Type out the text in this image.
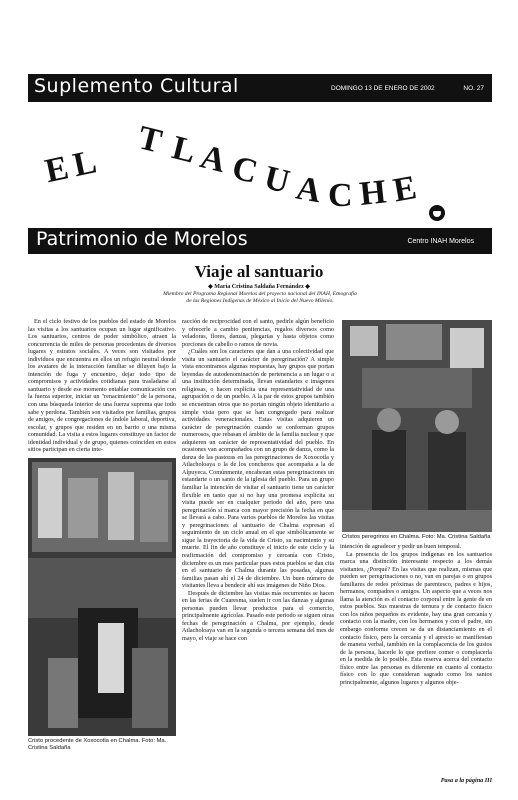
Suplemento Cultural	DOMINGO 13 DE ENERO DE 2002	NO. 27
E
L
T L
A
C U A C H E
Patrimonio de Morelos	Centro INAH Morelos
Viaje al santuario
◆ María Cristina Saldaña Fernández ◆
Miembro del Programa Regional Morelos del proyecto nacional del INAH, Etnografía de las Regiones Indígenas de México al Inicio del Nuevo Milenio.

En el ciclo festivo de los pueblos del estado de Morelos las visitas a los santuarios ocupan un lugar significativo. Los santuarios, centros de poder simbólico, atraen la concurrencia de miles de personas procedentes de diversos lugares y estratos sociales. A veces son visitados por individuos que encuentra en ellos un refugio neutral donde los avatares de la interacción familiar se diluyen bajo la intención de fuga y encuentro, dejar todo tipo de compromisos y actividades cotidianas para trasladarse al santuario y desde ese momento entablar comunicación con la fuerza superior, iniciar un "renacimiento" de la persona, con una búsqueda interior de una fuerza suprema que todo sabe y perdona. También son visitados por familias, grupos de amigos, de congregaciones de índole laboral, deportiva, escolar, y grupos que residen en un barrio o una misma comunidad. La visita a estos lugares constituye un factor de identidad individual y de grupo, quienes coinciden en estos sitios participan en cierta inte-

racción de reciprocidad con el santo, pedirle algún beneficio y ofrecerle a cambio penitencias, regalos diversos como veladoras, flores, danzas, plegarias y hasta objetos como porciones de cabello o ramos de novia.

¿Cuáles son los caracteres que dan a una colectividad que visita un santuario el carácter de peregrinación? A simple vista encontramos algunas respuestas, hay grupos que portan leyendas de autodenominación de pertenencia a un lugar o a una institución determinada, llevan estandartes e imágenes religiosas, o hacen explícita una representatividad de una agrupación o de un pueblo. A la par de estos grupos también se encuentran otros que no portan ningún objeto identitario a simple vista pero que se han congregado para realizar actividades veneracionales. Estas visitas adquieren un carácter de peregrinación cuando se conforman grupos numerosos, que rebasan el ámbito de la familia nuclear y que adquieren un carácter de representatividad del pueblo. En ocasiones van acompañados con un grupo de danza, como la danza de las pastoras en las peregrinaciones de Xoxocotla y Atlacholoaya o la de los concheros que acompaña a la de Alpuyeca. Comúnmente, encabezan estas peregrinaciones un estandarte o un santo de la iglesia del pueblo. Para un grupo familiar la intención de visitar el santuario tiene un carácter flexible en tanto que si no hay una promesa explícita su visita puede ser en cualquier periodo del año, pero una peregrinación sí marca con mayor precisión la fecha en que se llevará a cabo. Para varios pueblos de Morelos las visitas y peregrinaciones al santuario de Chalma expresan el seguimiento de un ciclo anual en el que simbólicamente se sigue la trayectoria de la vida de Cristo, su nacimiento y su muerte. El fin de año constituye el inicio de este ciclo y la reafirmación del compromiso y cercanía con Cristo, diciembre es un mes particular pues estos pueblos se dan cita en el santuario de Chalma durante las posadas, algunas familias pasan ahí el 24 de diciembre. Un buen número de visitantes lleva a bendecir ahí sus imágenes de Niño Dios.

Después de diciembre las visitas más recurrentes se hacen en las ferias de Cuaresma, suelen ir con las danzas y algunas personas pueden llevar productos para el comercio, principalmente agrícolas. Pasado este periodo se siguen otras fechas de peregrinación a Chalma, por ejemplo, desde Atlacholoaya van en la segunda o tercera semana del mes de mayo, el viaje se hace con

Cristo procedente de Xoxocotla en Chalma. Foto: Ma. Cristina Saldaña
Cristos peregrinos en Chalma. Foto: Ma. Cristina Saldaña

intención de agradecer y pedir un buen temporal.

La presencia de los grupos indígenas en los santuarios marca una distinción interesante respecto a los demás visitantes, ¿Porqué? En las visitas que realizan, mismas que pueden ser peregrinaciones o no, van en parejas o en grupos familiares de redes próximas de parentesco, padres e hijos, hermanos, compadres o amigos. Un aspecto que a veces nos llama la atención es el contacto corporal entre la gente de en estos pueblos. Sus muestras de ternura y de contacto físico con los niños pequeños es evidente, hay una gran cercanía y contacto con la madre, con los hermanos y con el padre, sin embargo conforme crecen se da un distanciamiento en el contacto físico, pero la cercanía y el aprecio se manifiestan de manera verbal, también en la complacencia de los gustos de la persona, hacerle lo que prefiere comer o complacerla en la medida de lo posible. Esta reserva acerca del contacto físico entre las personas es diferente en cuanto al contacto físico con lo que consideran sagrado como los santos principalmente, algunos lugares y algunos obje-

Pasa a la página III
